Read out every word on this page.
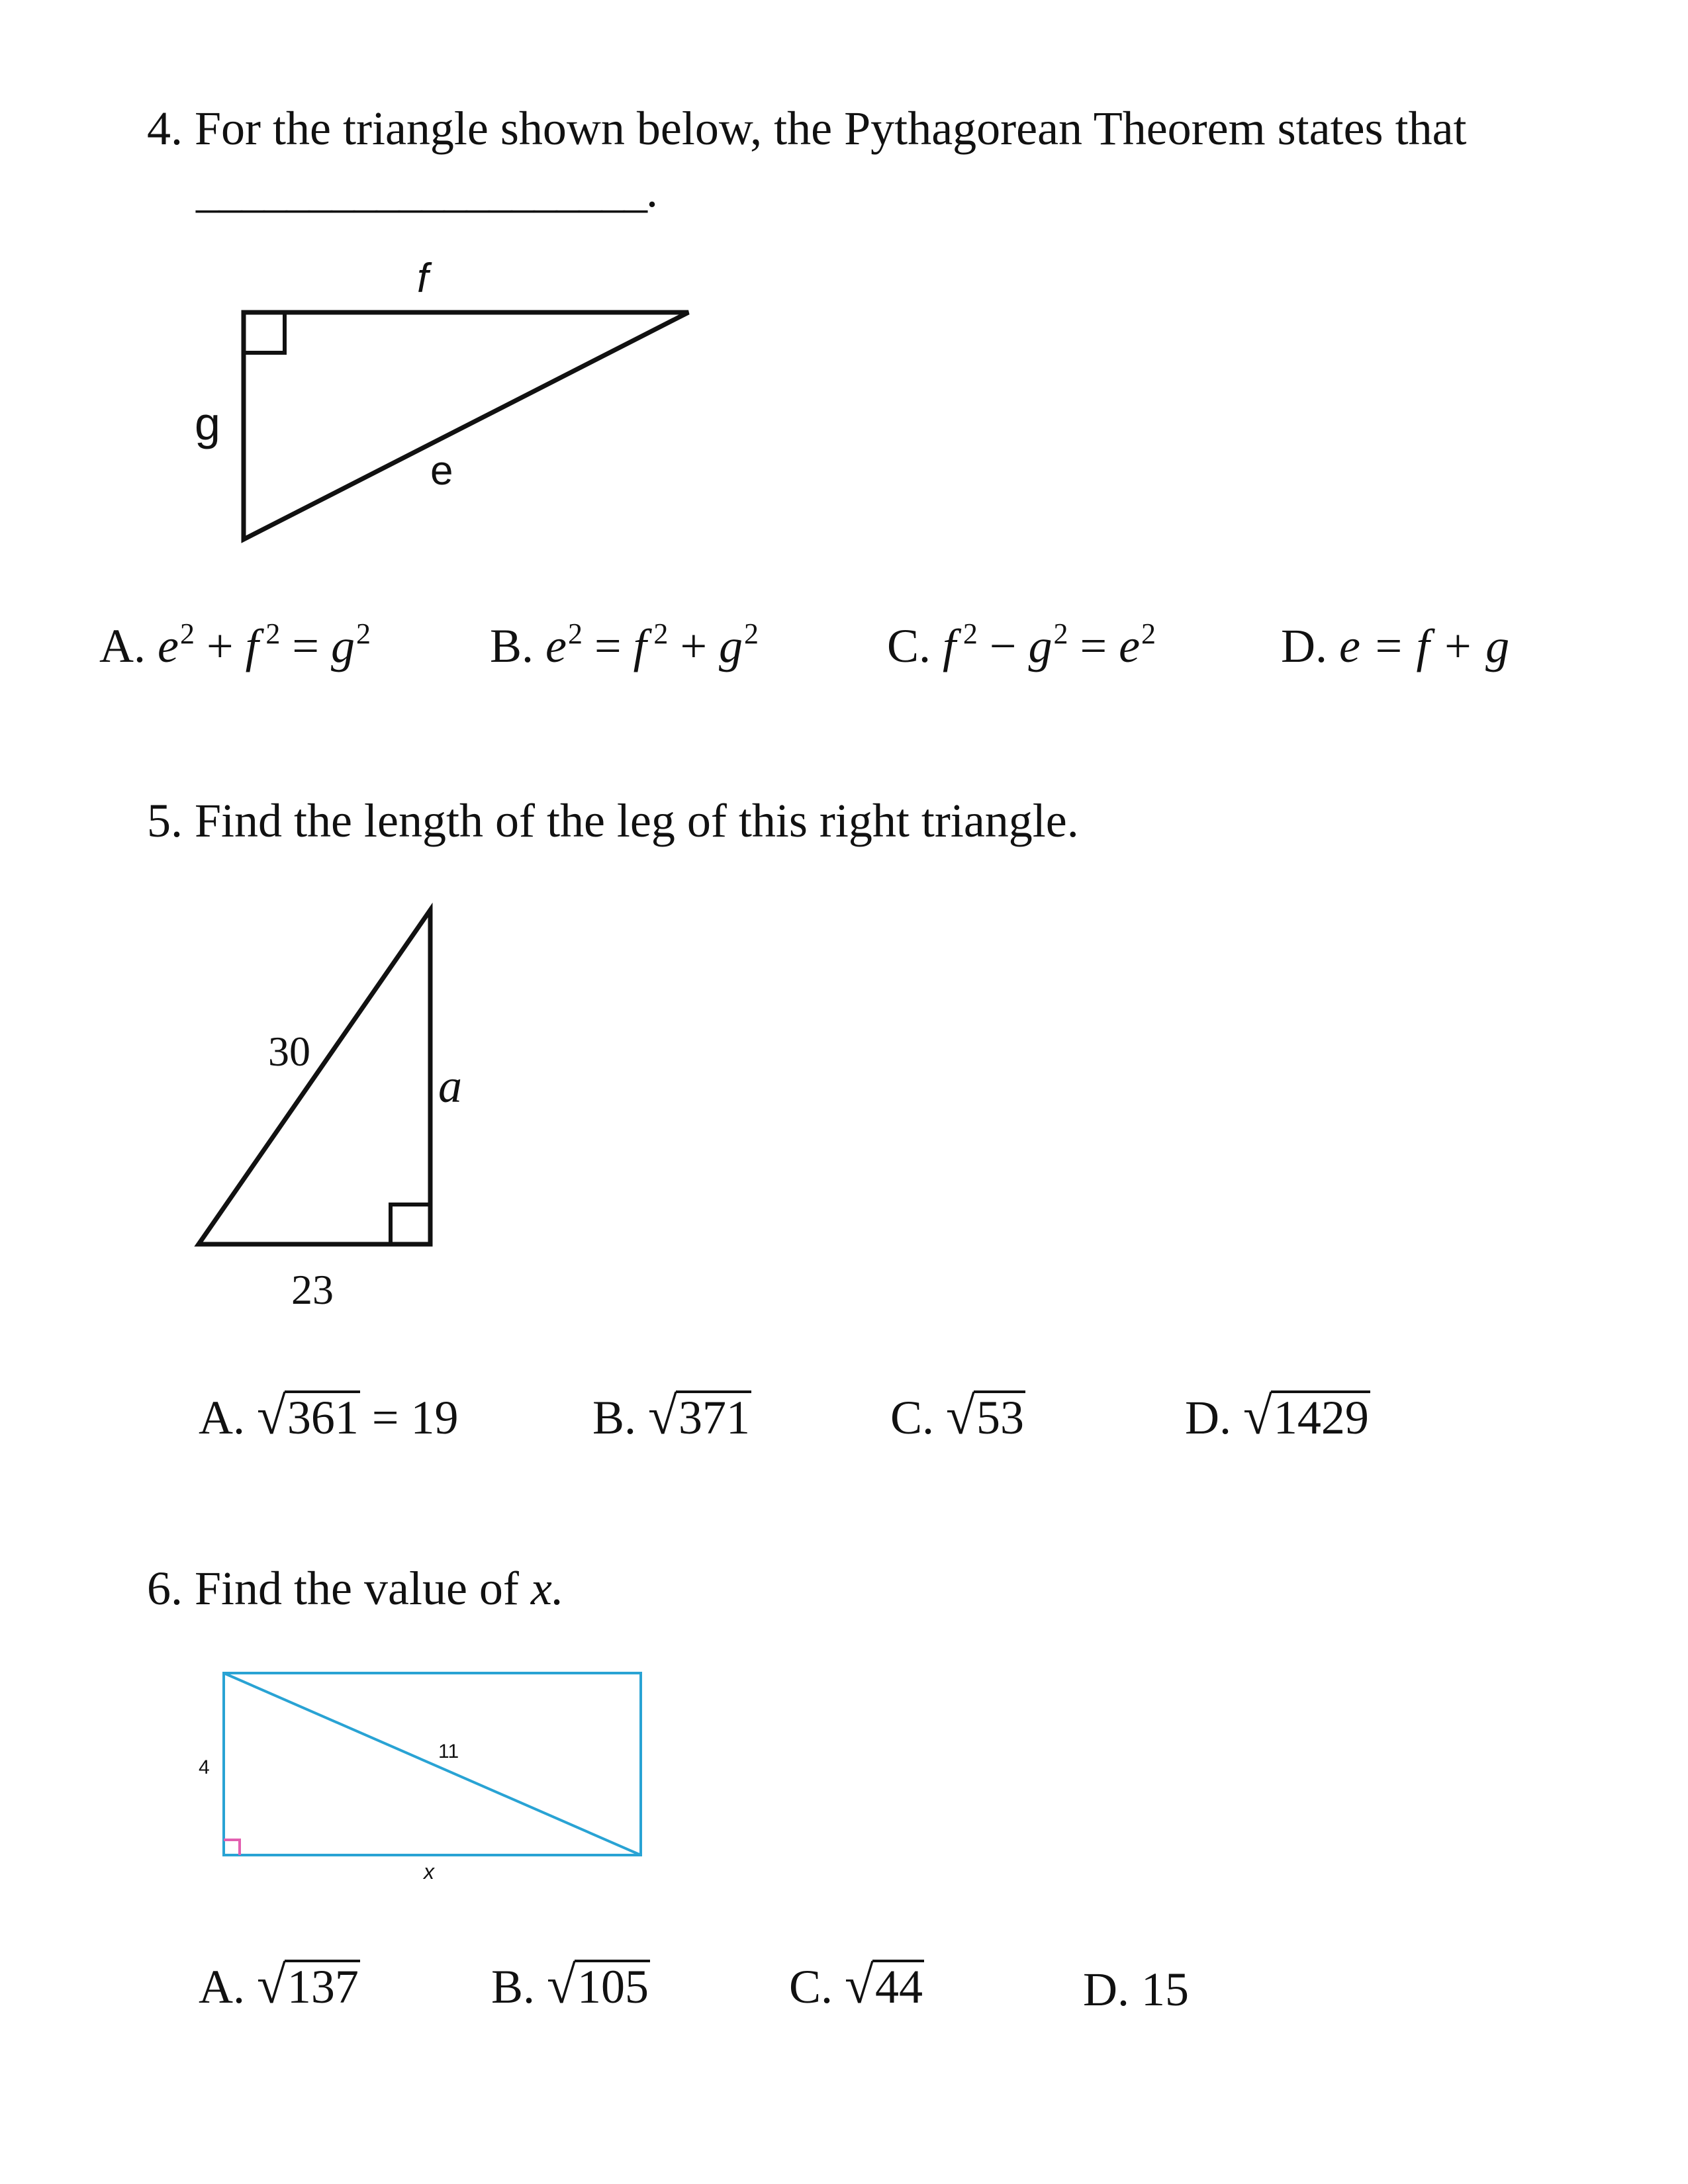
4. For the triangle shown below, the Pythagorean Theorem states that
____________________.
f
g
e
A. $e^2 + f$ $^2 = g^2$ B. $e^2 = f$ $^2 + g^2$	C. f $^2 - g^2 = e^2$	D. e = f + g
5. Find the length of the leg of this right triangle.
30
a
23
A. √361 = 19	B. √371	C. √53	D. √1429
6. Find the value of x.
4
11
x
A. √137	B. √105	C. √44	D. 15
